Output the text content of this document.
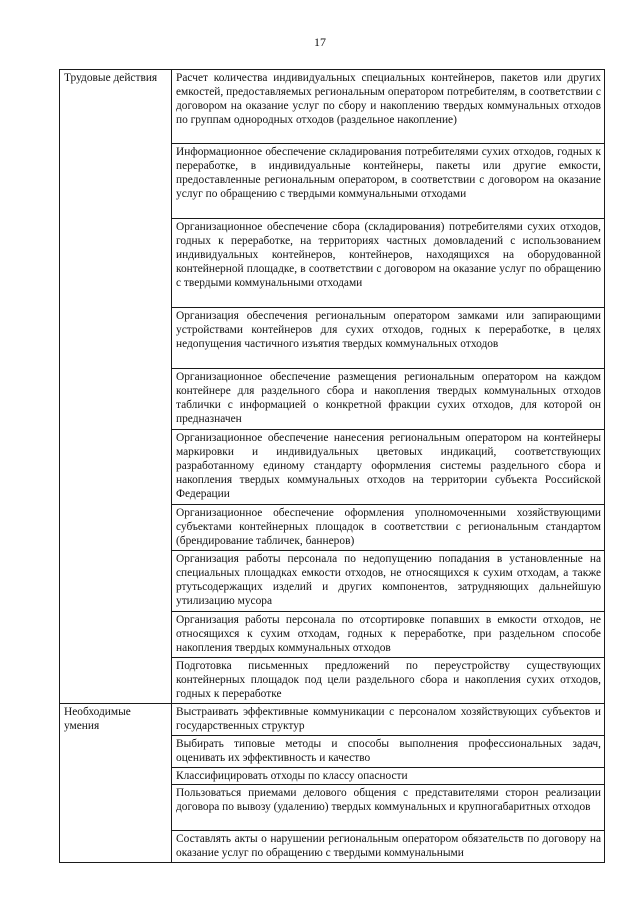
17
Трудовые действия	Расчет количества индивидуальных специальных контейнеров, пакетов или других емкостей, предоставляемых региональным оператором потребителям, в соответствии с договором на оказание услуг по сбору и накоплению твердых коммунальных отходов по группам однородных отходов (раздельное накопление)

	Информационное обеспечение складирования потребителями сухих отходов, годных к переработке, в индивидуальные контейнеры, пакеты или другие емкости, предоставленные региональным оператором, в соответствии с договором на оказание услуг по обращению с твердыми коммунальными отходами

	Организационное обеспечение сбора (складирования) потребителями сухих отходов, годных к переработке, на территориях частных домовладений с использованием индивидуальных контейнеров, контейнеров, находящихся на оборудованной контейнерной площадке, в соответствии с договором на оказание услуг по обращению с твердыми коммунальными отходами

	Организация обеспечения региональным оператором замками или запирающими устройствами контейнеров для сухих отходов, годных к переработке, в целях недопущения частичного изъятия твердых коммунальных отходов

	Организационное обеспечение размещения региональным оператором на каждом контейнере для раздельного сбора и накопления твердых коммунальных отходов таблички с информацией о конкретной фракции сухих отходов, для которой он предназначен

	Организационное обеспечение нанесения региональным оператором на контейнеры маркировки и индивидуальных цветовых индикаций, соответствующих разработанному единому стандарту оформления системы раздельного сбора и накопления твердых коммунальных отходов на территории субъекта Российской Федерации

	Организационное обеспечение оформления уполномоченными хозяйствующими субъектами контейнерных площадок в соответствии с региональным стандартом (брендирование табличек, баннеров)

	Организация работы персонала по недопущению попадания в установленные на специальных площадках емкости отходов, не относящихся к сухим отходам, а также ртутьсодержащих изделий и других компонентов, затрудняющих дальнейшую утилизацию мусора

	Организация работы персонала по отсортировке попавших в емкости отходов, не относящихся к сухим отходам, годных к переработке, при раздельном способе накопления твердых коммунальных отходов

	Подготовка письменных предложений по переустройству существующих контейнерных площадок под цели раздельного сбора и накопления сухих отходов, годных к переработке

Необходимые умения	Выстраивать эффективные коммуникации с персоналом хозяйствующих субъектов и государственных структур

	Выбирать типовые методы и способы выполнения профессиональных задач, оценивать их эффективность и качество

	Классифицировать отходы по классу опасности

	Пользоваться приемами делового общения с представителями сторон реализации договора по вывозу (удалению) твердых коммунальных и крупногабаритных отходов

	Составлять акты о нарушении региональным оператором обязательств по договору на оказание услуг по обращению с твердыми коммунальными
